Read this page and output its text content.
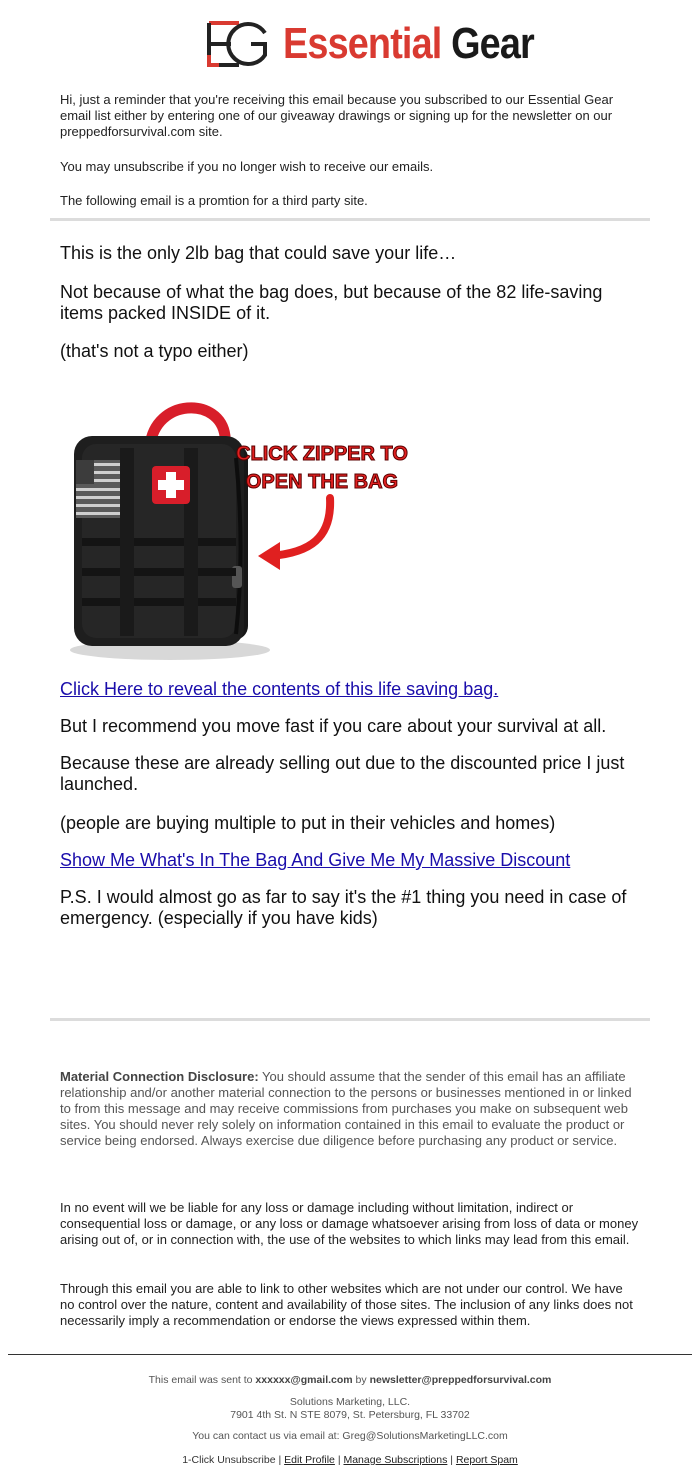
Essential Gear
Hi, just a reminder that you're receiving this email because you subscribed to our Essential Gear email list either by entering one of our giveaway drawings or signing up for the newsletter on our preppedforsurvival.com site.
You may unsubscribe if you no longer wish to receive our emails.
The following email is a promtion for a third party site.
This is the only 2lb bag that could save your life…
Not because of what the bag does, but because of the 82 life-saving items packed INSIDE of it.
(that's not a typo either)
CLICK ZIPPER TO
OPEN THE BAG
Click Here to reveal the contents of this life saving bag.
But I recommend you move fast if you care about your survival at all.
Because these are already selling out due to the discounted price I just launched.
(people are buying multiple to put in their vehicles and homes)
Show Me What's In The Bag And Give Me My Massive Discount
P.S. I would almost go as far to say it's the #1 thing you need in case of emergency. (especially if you have kids)
Material Connection Disclosure: You should assume that the sender of this email has an affiliate relationship and/or another material connection to the persons or businesses mentioned in or linked to from this message and may receive commissions from purchases you make on subsequent web sites. You should never rely solely on information contained in this email to evaluate the product or service being endorsed. Always exercise due diligence before purchasing any product or service.
In no event will we be liable for any loss or damage including without limitation, indirect or consequential loss or damage, or any loss or damage whatsoever arising from loss of data or money arising out of, or in connection with, the use of the websites to which links may lead from this email.
Through this email you are able to link to other websites which are not under our control. We have no control over the nature, content and availability of those sites. The inclusion of any links does not necessarily imply a recommendation or endorse the views expressed within them.
This email was sent to xxxxxx@gmail.com by newsletter@preppedforsurvival.com
Solutions Marketing, LLC.
7901 4th St. N STE 8079, St. Petersburg, FL 33702
You can contact us via email at: Greg@SolutionsMarketingLLC.com
1-Click Unsubscribe | Edit Profile | Manage Subscriptions | Report Spam
